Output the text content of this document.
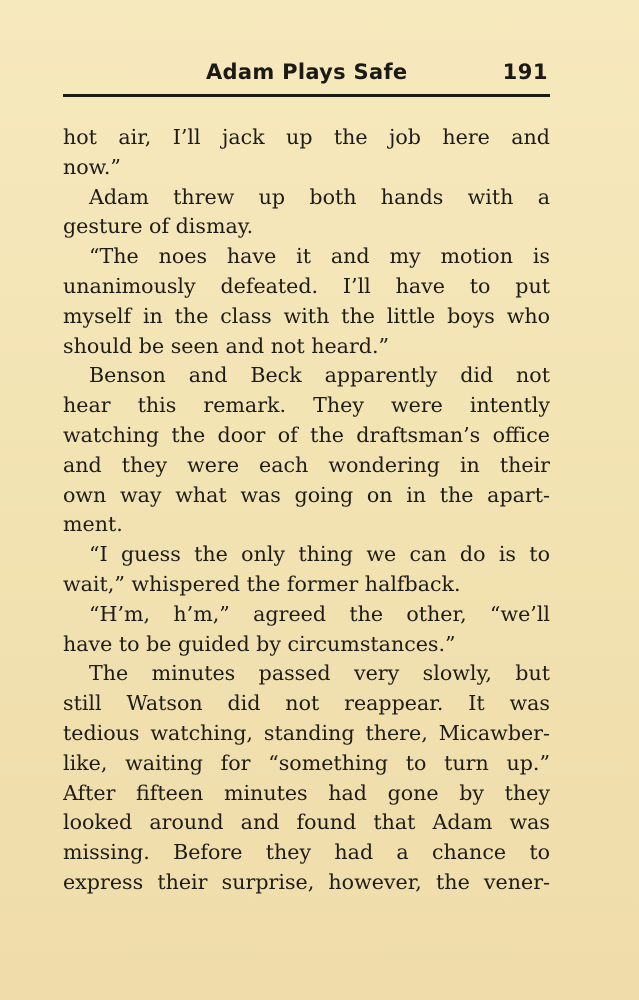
Adam Plays Safe	191
hot air, I’ll jack up the job here and
now.”
Adam threw up both hands with a
gesture of dismay.
“The noes have it and my motion is
unanimously defeated. I’ll have to put
myself in the class with the little boys who
should be seen and not heard.”
Benson and Beck apparently did not
hear this remark. They were intently
watching the door of the draftsman’s office
and they were each wondering in their
own way what was going on in the apart-
ment.
“I guess the only thing we can do is to
wait,” whispered the former halfback.
“H’m, h’m,” agreed the other, “we’ll
have to be guided by circumstances.”
The minutes passed very slowly, but
still Watson did not reappear. It was
tedious watching, standing there, Micawber-
like, waiting for “something to turn up.”
After fifteen minutes had gone by they
looked around and found that Adam was
missing. Before they had a chance to
express their surprise, however, the vener-
